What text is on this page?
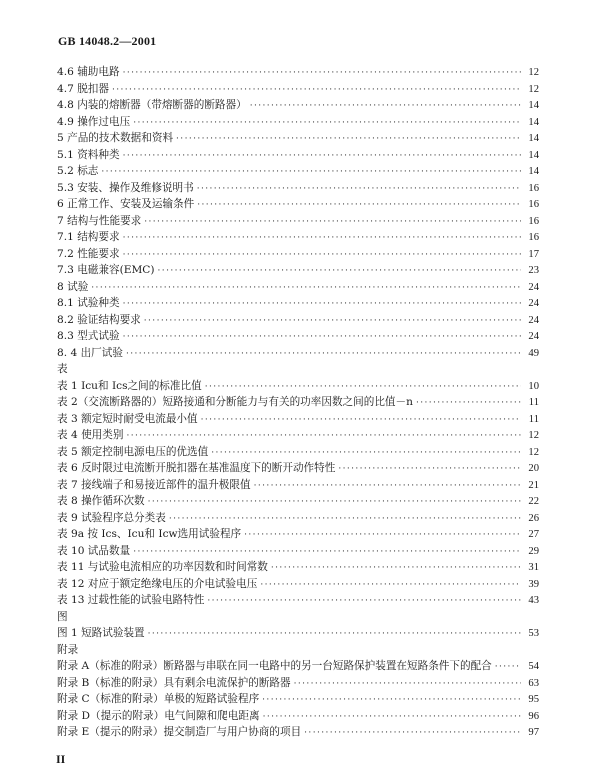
GB 14048.2—2001
4.6 辅助电路 ·····	12
4.7 脱扣器 ·····	12
4.8 内装的熔断器（带熔断器的断路器） ·····	14
4.9 操作过电压 ·····	14
5 产品的技术数据和资料 ·····	14
5.1 资料种类 ·····	14
5.2 标志 ·····	14
5.3 安装、操作及维修说明书 ·····	16
6 正常工作、安装及运输条件 ·····	16
7 结构与性能要求 ·····	16
7.1 结构要求 ·····	16
7.2 性能要求 ·····	17
7.3 电磁兼容(EMC) ·····	23
8 试验 ·····	24
8.1 试验种类 ·····	24
8.2 验证结构要求 ·····	24
8.3 型式试验 ·····	24
8. 4 出厂试验 ·····	49
表
表 1 Icu和 Ics之间的标准比值 ·····	10
表 2（交流断路器的）短路接通和分断能力与有关的功率因数之间的比值－n ·····	11
表 3 额定短时耐受电流最小值 ·····	11
表 4 使用类别 ·····	12
表 5 额定控制电源电压的优选值 ·····	12
表 6 反时限过电流断开脱扣器在基准温度下的断开动作特性 ·····	20
表 7 接线端子和易接近部件的温升极限值 ·····	21
表 8 操作循环次数 ·····	22
表 9 试验程序总分类表 ·····	26
表 9a 按 Ics、Icu和 Icw选用试验程序 ·····	27
表 10 试品数量 ·····	29
表 11 与试验电流相应的功率因数和时间常数 ·····	31
表 12 对应于额定绝缘电压的介电试验电压 ·····	39
表 13 过载性能的试验电路特性 ·····	43
图
图 1 短路试验装置 ·····	53
附录
附录 A（标准的附录）断路器与串联在同一电路中的另一台短路保护装置在短路条件下的配合 ·····	54
附录 B（标准的附录）具有剩余电流保护的断路器 ·····	63
附录 C（标准的附录）单极的短路试验程序 ·····	95
附录 D（提示的附录）电气间隙和爬电距离 ·····	96
附录 E（提示的附录）提交制造厂与用户协商的项目 ·····	97
II
